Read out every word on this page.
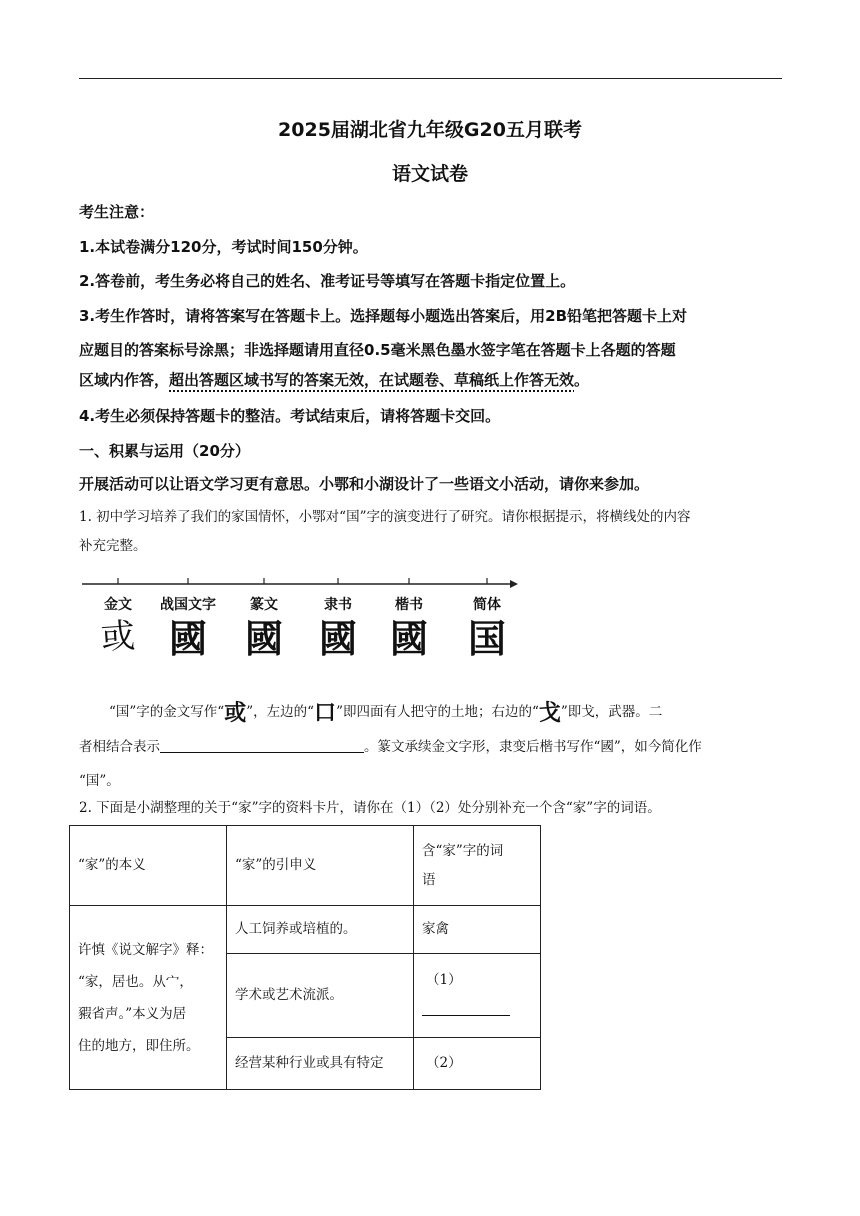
2025届湖北省九年级G20五月联考
语文试卷
考生注意：
1.本试卷满分120分，考试时间150分钟。
2.答卷前，考生务必将自己的姓名、准考证号等填写在答题卡指定位置上。
3.考生作答时，请将答案写在答题卡上。选择题每小题选出答案后，用2B铅笔把答题卡上对
应题目的答案标号涂黑；非选择题请用直径0.5毫米黑色墨水签字笔在答题卡上各题的答题
区域内作答，超出答题区域书写的答案无效，在试题卷、草稿纸上作答无效。
4.考生必须保持答题卡的整洁。考试结束后，请将答题卡交回。
一、积累与运用（20分）
开展活动可以让语文学习更有意思。小鄂和小湖设计了一些语文小活动，请你来参加。
1. 初中学习培养了我们的家国情怀，小鄂对“国”字的演变进行了研究。请你根据提示，将横线处的内容
补充完整。
金文 战国文字 篆文	隶书	楷书	简体
或 國 國 國 國 国
“国”字的金文写作“或”，左边的“口”即四面有人把守的土地；右边的“戈”即戈，武器。二
者相结合表示	。篆文承续金文字形，隶变后楷书写作“國”，如今简化作
“国”。
2. 下面是小湖整理的关于“家”字的资料卡片，请你在（1）（2）处分别补充一个含“家”字的词语。
“家”的本义	“家”的引申义	含“家”字的词
语

许慎《说文解字》释：
“家，居也。从宀，
豭省声。”本义为居
住的地方，即住所。	人工饲养或培植的。	家禽
	学术或艺术流派。	（1）

	经营某种行业或具有特定	（2）
